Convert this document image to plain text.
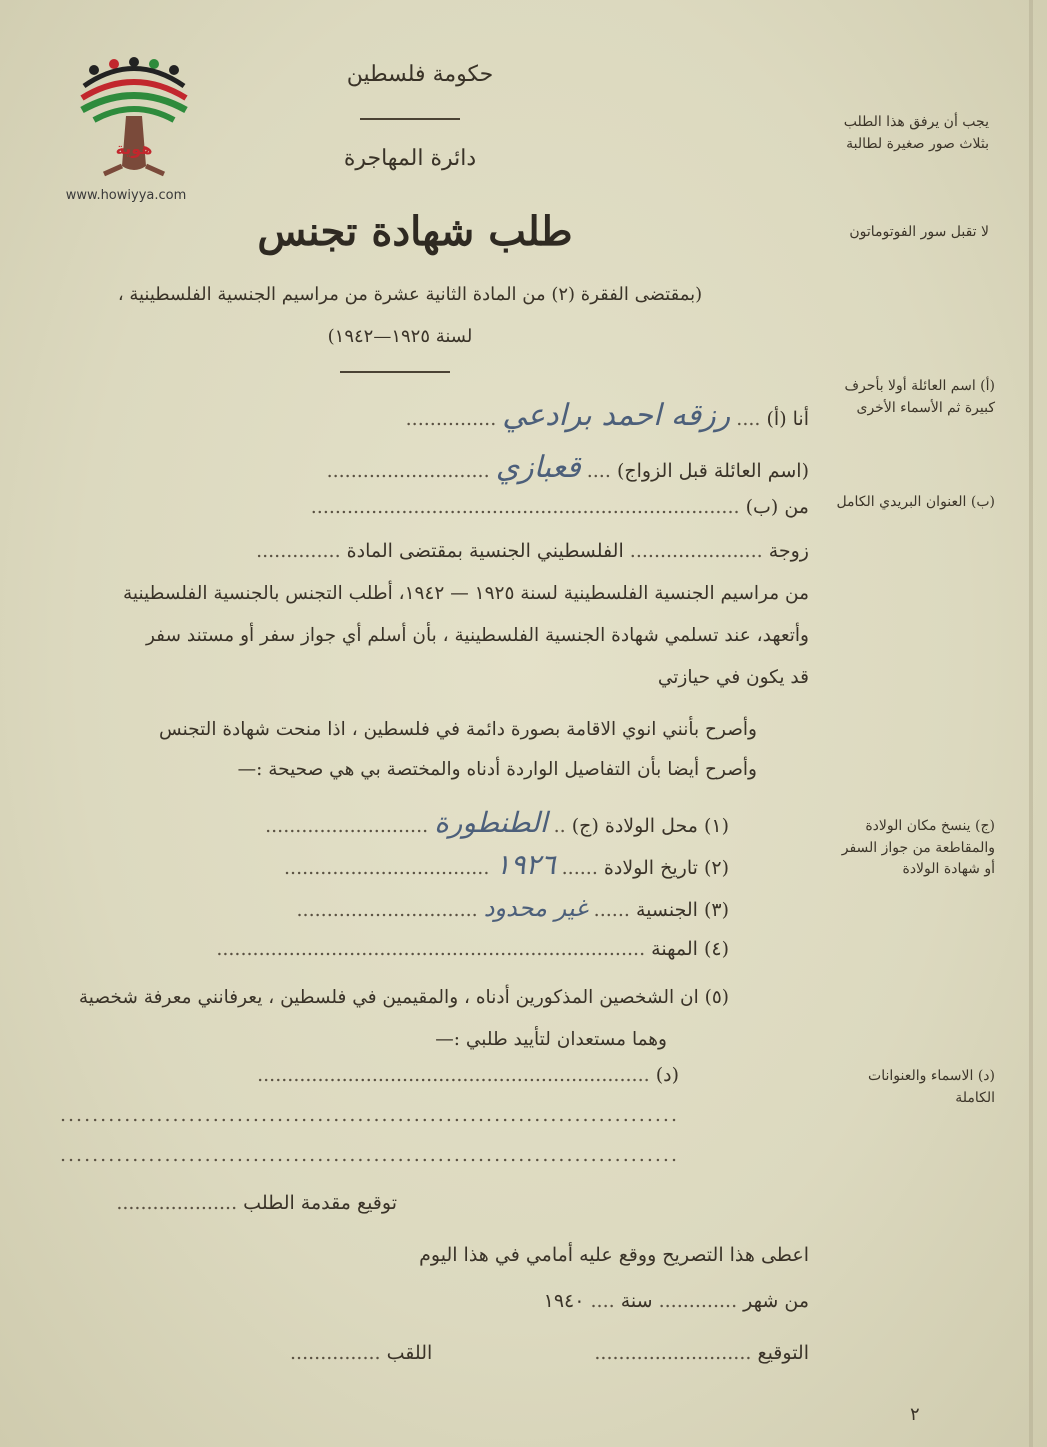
هوية
www.howiyya.com
حكومة فلسطين
دائرة المهاجرة
طلب شهادة تجنس
(بمقتضى الفقرة (٢) من المادة الثانية عشرة من مراسيم الجنسية الفلسطينية ،
لسنة ١٩٢٥—١٩٤٢)
يجب أن يرفق هذا الطلب بثلاث صور صغيرة لطالبة
لا تقبل سور الفوتوماتون
(أ) اسم العائلة أولا بأحرف كبيرة ثم الأسماء الأخرى
(ب) العنوان البريدي الكامل
(ج) ينسخ مكان الولادة والمقاطعة من جواز السفر أو شهادة الولادة
(د) الاسماء والعنوانات الكاملة
أنا (أ) .... رزقه احمد برادعي ...............
(اسم العائلة قبل الزواج) .... قعبازي ...........................
من (ب) .......................................................................
زوجة ...................... الفلسطيني الجنسية بمقتضى المادة ..............
من مراسيم الجنسية الفلسطينية لسنة ١٩٢٥ — ١٩٤٢، أطلب التجنس بالجنسية الفلسطينية
وأتعهد، عند تسلمي شهادة الجنسية الفلسطينية ، بأن أسلم أي جواز سفر أو مستند سفر
قد يكون في حيازتي
وأصرح بأنني انوي الاقامة بصورة دائمة في فلسطين ، اذا منحت شهادة التجنس
وأصرح أيضا بأن التفاصيل الواردة أدناه والمختصة بي هي صحيحة :—
(١) محل الولادة (ج) .. الطنطورة ...........................
(٢) تاريخ الولادة ...... ١٩٢٦ ..................................
(٣) الجنسية ...... غير محدود ..............................
(٤) المهنة .......................................................................
(٥) ان الشخصين المذكورين أدناه ، والمقيمين في فلسطين ، يعرفانني معرفة شخصية
وهما مستعدان لتأييد طلبي :—
(د) .................................................................
.............................................................................
.............................................................................
توقيع مقدمة الطلب ....................
اعطى هذا التصريح ووقع عليه أمامي في هذا اليوم
من شهر ............. سنة .... ١٩٤٠
التوقيع ..........................  اللقب ...............
٢
